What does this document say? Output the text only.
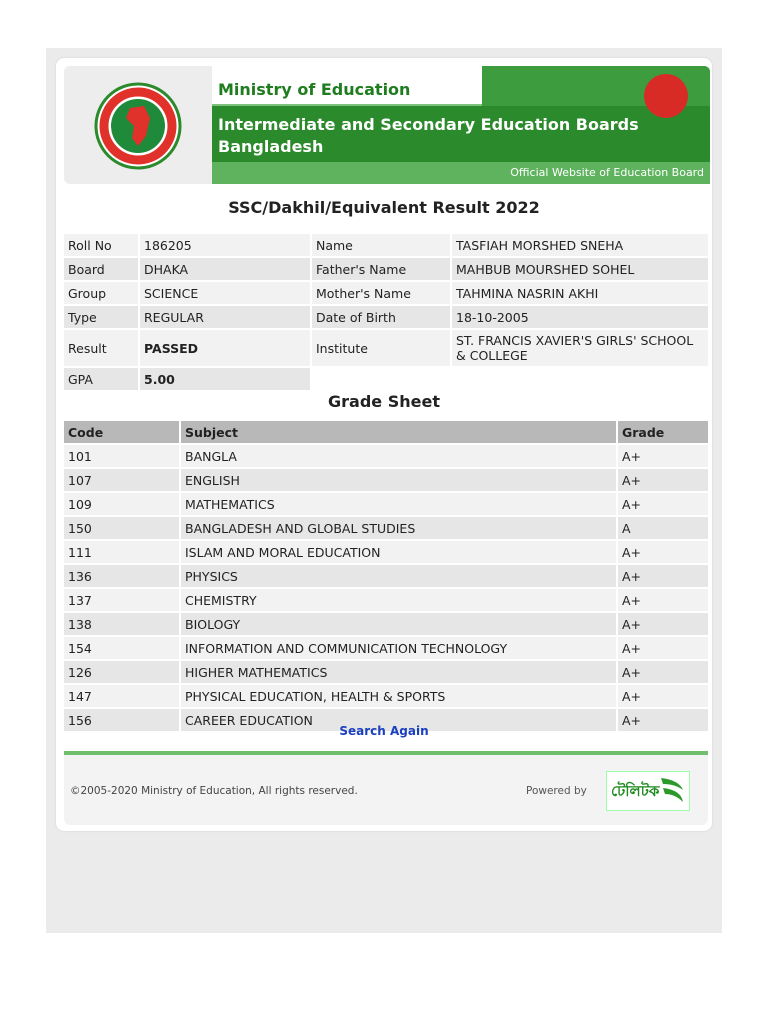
Ministry of Education
Intermediate and Secondary Education Boards
Bangladesh
Official Website of Education Board
SSC/Dakhil/Equivalent Result 2022
Roll No	186205	Name	TASFIAH MORSHED SNEHA
Board	DHAKA	Father's Name	MAHBUB MOURSHED SOHEL
Group	SCIENCE	Mother's Name	TAHMINA NASRIN AKHI
Type	REGULAR	Date of Birth	18-10-2005
Result	PASSED	Institute	ST. FRANCIS XAVIER'S GIRLS' SCHOOL & COLLEGE
GPA	5.00		
Grade Sheet
Code	Subject	Grade
101	BANGLA	A+
107	ENGLISH	A+
109	MATHEMATICS	A+
150	BANGLADESH AND GLOBAL STUDIES	A
111	ISLAM AND MORAL EDUCATION	A+
136	PHYSICS	A+
137	CHEMISTRY	A+
138	BIOLOGY	A+
154	INFORMATION AND COMMUNICATION TECHNOLOGY	A+
126	HIGHER MATHEMATICS	A+
147	PHYSICAL EDUCATION, HEALTH & SPORTS	A+
156	CAREER EDUCATION	A+
Search Again
©2005-2020 Ministry of Education, All rights reserved.	Powered by টেলিটক
